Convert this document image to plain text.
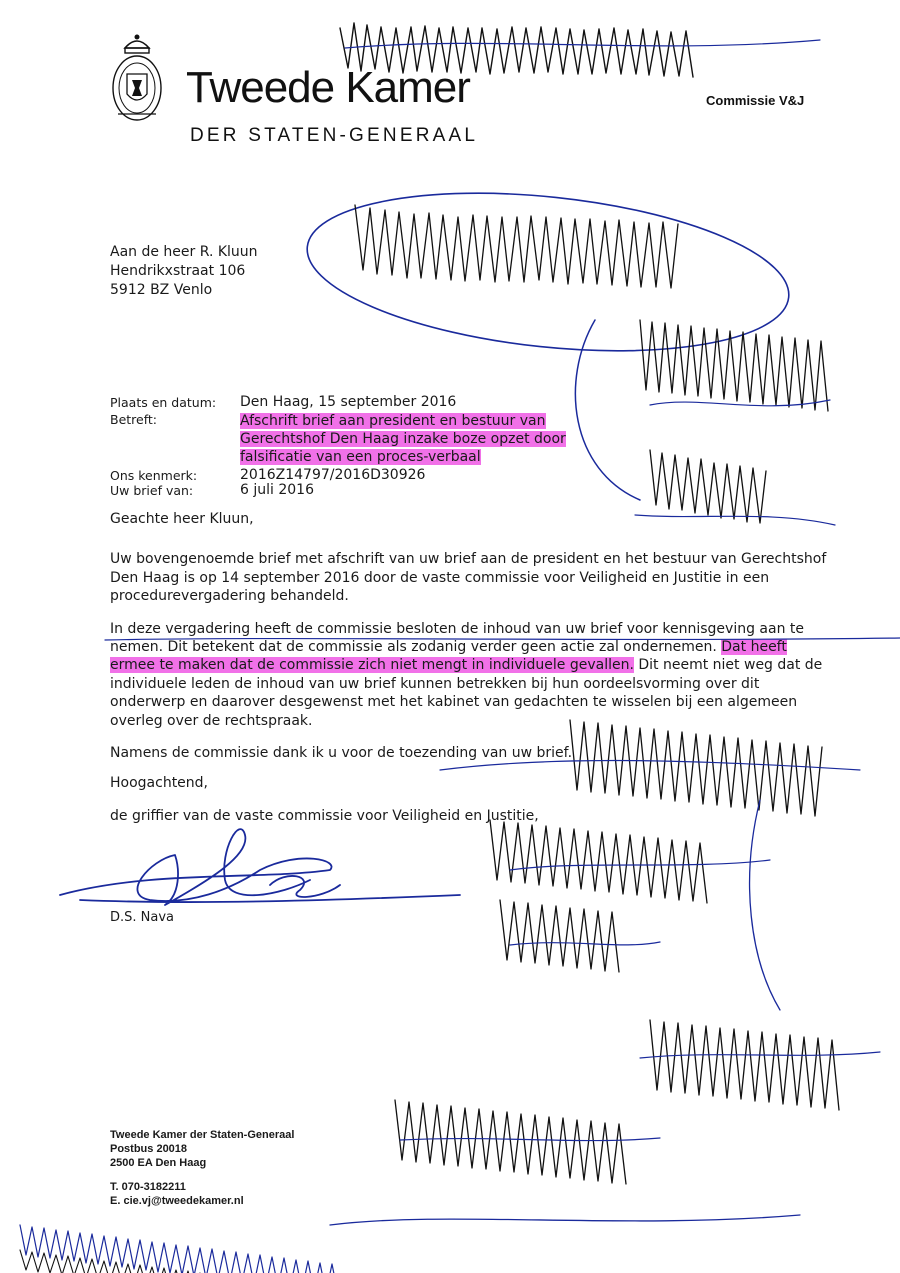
Tweede Kamer
DER STATEN-GENERAAL
Commissie V&J
Aan de heer R. Kluun
Hendrikxstraat 106
5912 BZ Venlo
Plaats en datum:	Den Haag, 15 september 2016
Betreft:	Afschrift brief aan president en bestuur van Gerechtshof Den Haag inzake boze opzet door falsificatie van een proces-verbaal
Ons kenmerk:	2016Z14797/2016D30926
Uw brief van:	6 juli 2016

Geachte heer Kluun,

Uw bovengenoemde brief met afschrift van uw brief aan de president en het bestuur van Gerechtshof Den Haag is op 14 september 2016 door de vaste commissie voor Veiligheid en Justitie in een procedurevergadering behandeld.

In deze vergadering heeft de commissie besloten de inhoud van uw brief voor kennisgeving aan te nemen. Dit betekent dat de commissie als zodanig verder geen actie zal ondernemen. Dat heeft ermee te maken dat de commissie zich niet mengt in individuele gevallen. Dit neemt niet weg dat de individuele leden de inhoud van uw brief kunnen betrekken bij hun oordeelsvorming over dit onderwerp en daarover desgewenst met het kabinet van gedachten te wisselen bij een algemeen overleg over de rechtspraak.

Namens de commissie dank ik u voor de toezending van uw brief.

Hoogachtend,

de griffier van de vaste commissie voor Veiligheid en Justitie,

D.S. Nava
Tweede Kamer der Staten-Generaal
Postbus 20018
2500 EA Den Haag
T. 070-3182211
E. cie.vj@tweedekamer.nl
